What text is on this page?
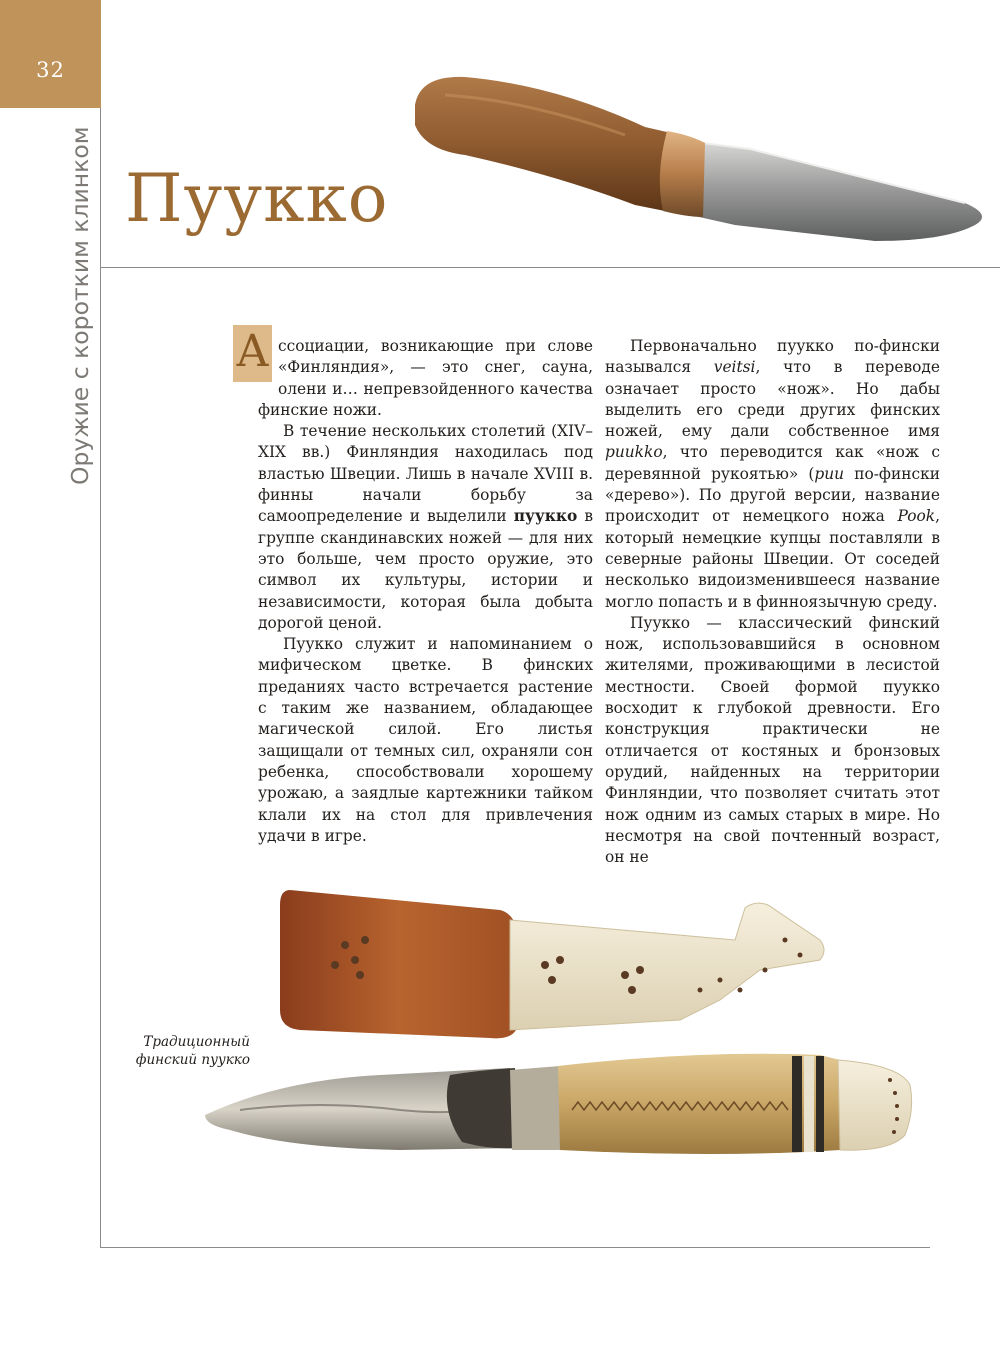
32
Оружие с коротким клинком Пуукко

А ссоциации, возникающие при слове «Финляндия», — это снег, сауна, олени и… непревзойденного качества финские ножи.

В течение нескольких столетий (XIV–XIX вв.) Финляндия находилась под властью Швеции. Лишь в начале XVIII в. финны начали борьбу за самоопределение и выделили пуукко в группе скандинавских ножей — для них это больше, чем просто оружие, это символ их культуры, истории и независимости, которая была добыта дорогой ценой.

Пуукко служит и напоминанием о мифическом цветке. В финских преданиях часто встречается растение с таким же названием, обладающее магической силой. Его листья защищали от темных сил, охраняли сон ребенка, способствовали хорошему урожаю, а заядлые картежники тайком клали их на стол для привлечения удачи в игре.

Первоначально пуукко по-фински назывался veitsi, что в переводе означает просто «нож». Но дабы выделить его среди других финских ножей, ему дали собственное имя puukko, что переводится как «нож с деревянной рукоятью» (puu по-фински «дерево»). По другой версии, название происходит от немецкого ножа Pook, который немецкие купцы поставляли в северные районы Швеции. От соседей несколько видоизменившееся название могло попасть и в финноязычную среду.

Пуукко — классический финский нож, использовавшийся в основном жителями, проживающими в лесистой местности. Своей формой пуукко восходит к глубокой древности. Его конструкция практически не отличается от костяных и бронзовых орудий, найденных на территории Финляндии, что позволяет считать этот нож одним из самых старых в мире. Но несмотря на свой почтенный возраст, он не

Традиционный финский пуукко
